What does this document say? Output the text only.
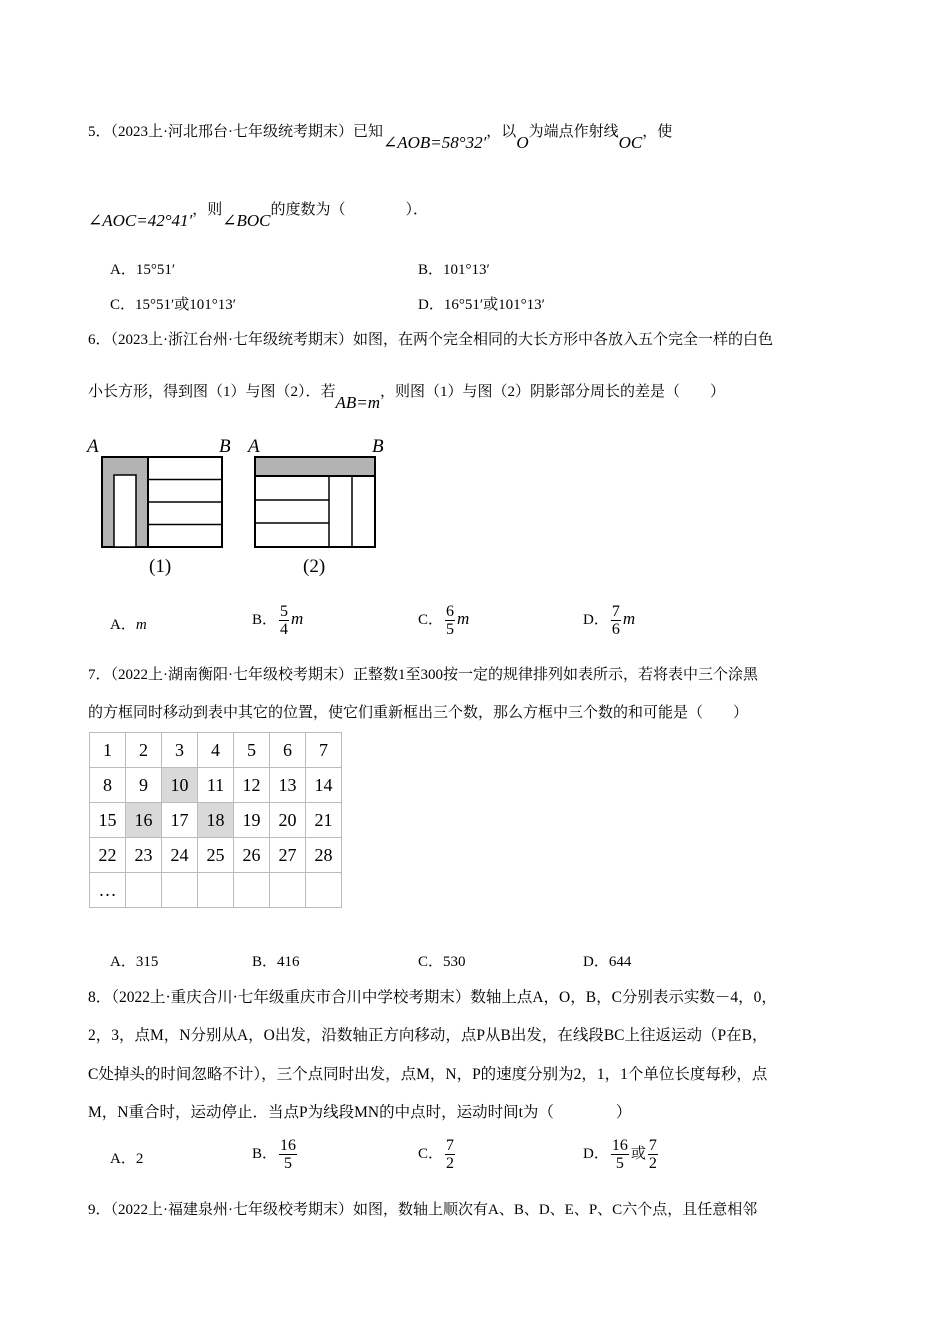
5．（2023上·河北邢台·七年级统考期末）已知∠AOB=58°32′，以O为端点作射线OC，使
∠AOC=42°41′，则∠BOC的度数为（　　　　）．
A．15°51′	B．101°13′
C．15°51′或101°13′	D．16°51′或101°13′
6．（2023上·浙江台州·七年级统考期末）如图，在两个完全相同的大长方形中各放入五个完全一样的白色
小长方形，得到图（1）与图（2）．若AB=m，则图（1）与图（2）阴影部分周长的差是（　　）
A	B
(1)
A	B
(2)
A．m	B． $\frac{5}{4}$ m	C． $\frac{6}{5}$ m	D． $\frac{7}{6}$ m
7．（2022上·湖南衡阳·七年级校考期末）正整数1至300按一定的规律排列如表所示，若将表中三个涂黑
的方框同时移动到表中其它的位置，使它们重新框出三个数，那么方框中三个数的和可能是（　　）
1	2	3	4	5	6	7
8	9	10	11	12	13	14
15	16	17	18	19	20	21
22	23	24	25	26	27	28
…						
A．315	B．416	C．530	D．644
8．（2022上·重庆合川·七年级重庆市合川中学校考期末）数轴上点A，O，B，C分别表示实数－4，0，
2，3，点M，N分别从A，O出发，沿数轴正方向移动，点P从B出发，在线段BC上往返运动（P在B，
C处掉头的时间忽略不计），三个点同时出发，点M，N，P的速度分别为2，1，1个单位长度每秒，点
M，N重合时，运动停止．当点P为线段MN的中点时，运动时间t为（　　　　）
A．2	B． $\frac{16}{5}$	C． $\frac{7}{2}$	D． $\frac{16}{5}$ 或 $\frac{7}{2}$
9．（2022上·福建泉州·七年级校考期末）如图，数轴上顺次有A、B、D、E、P、C六个点，且任意相邻
